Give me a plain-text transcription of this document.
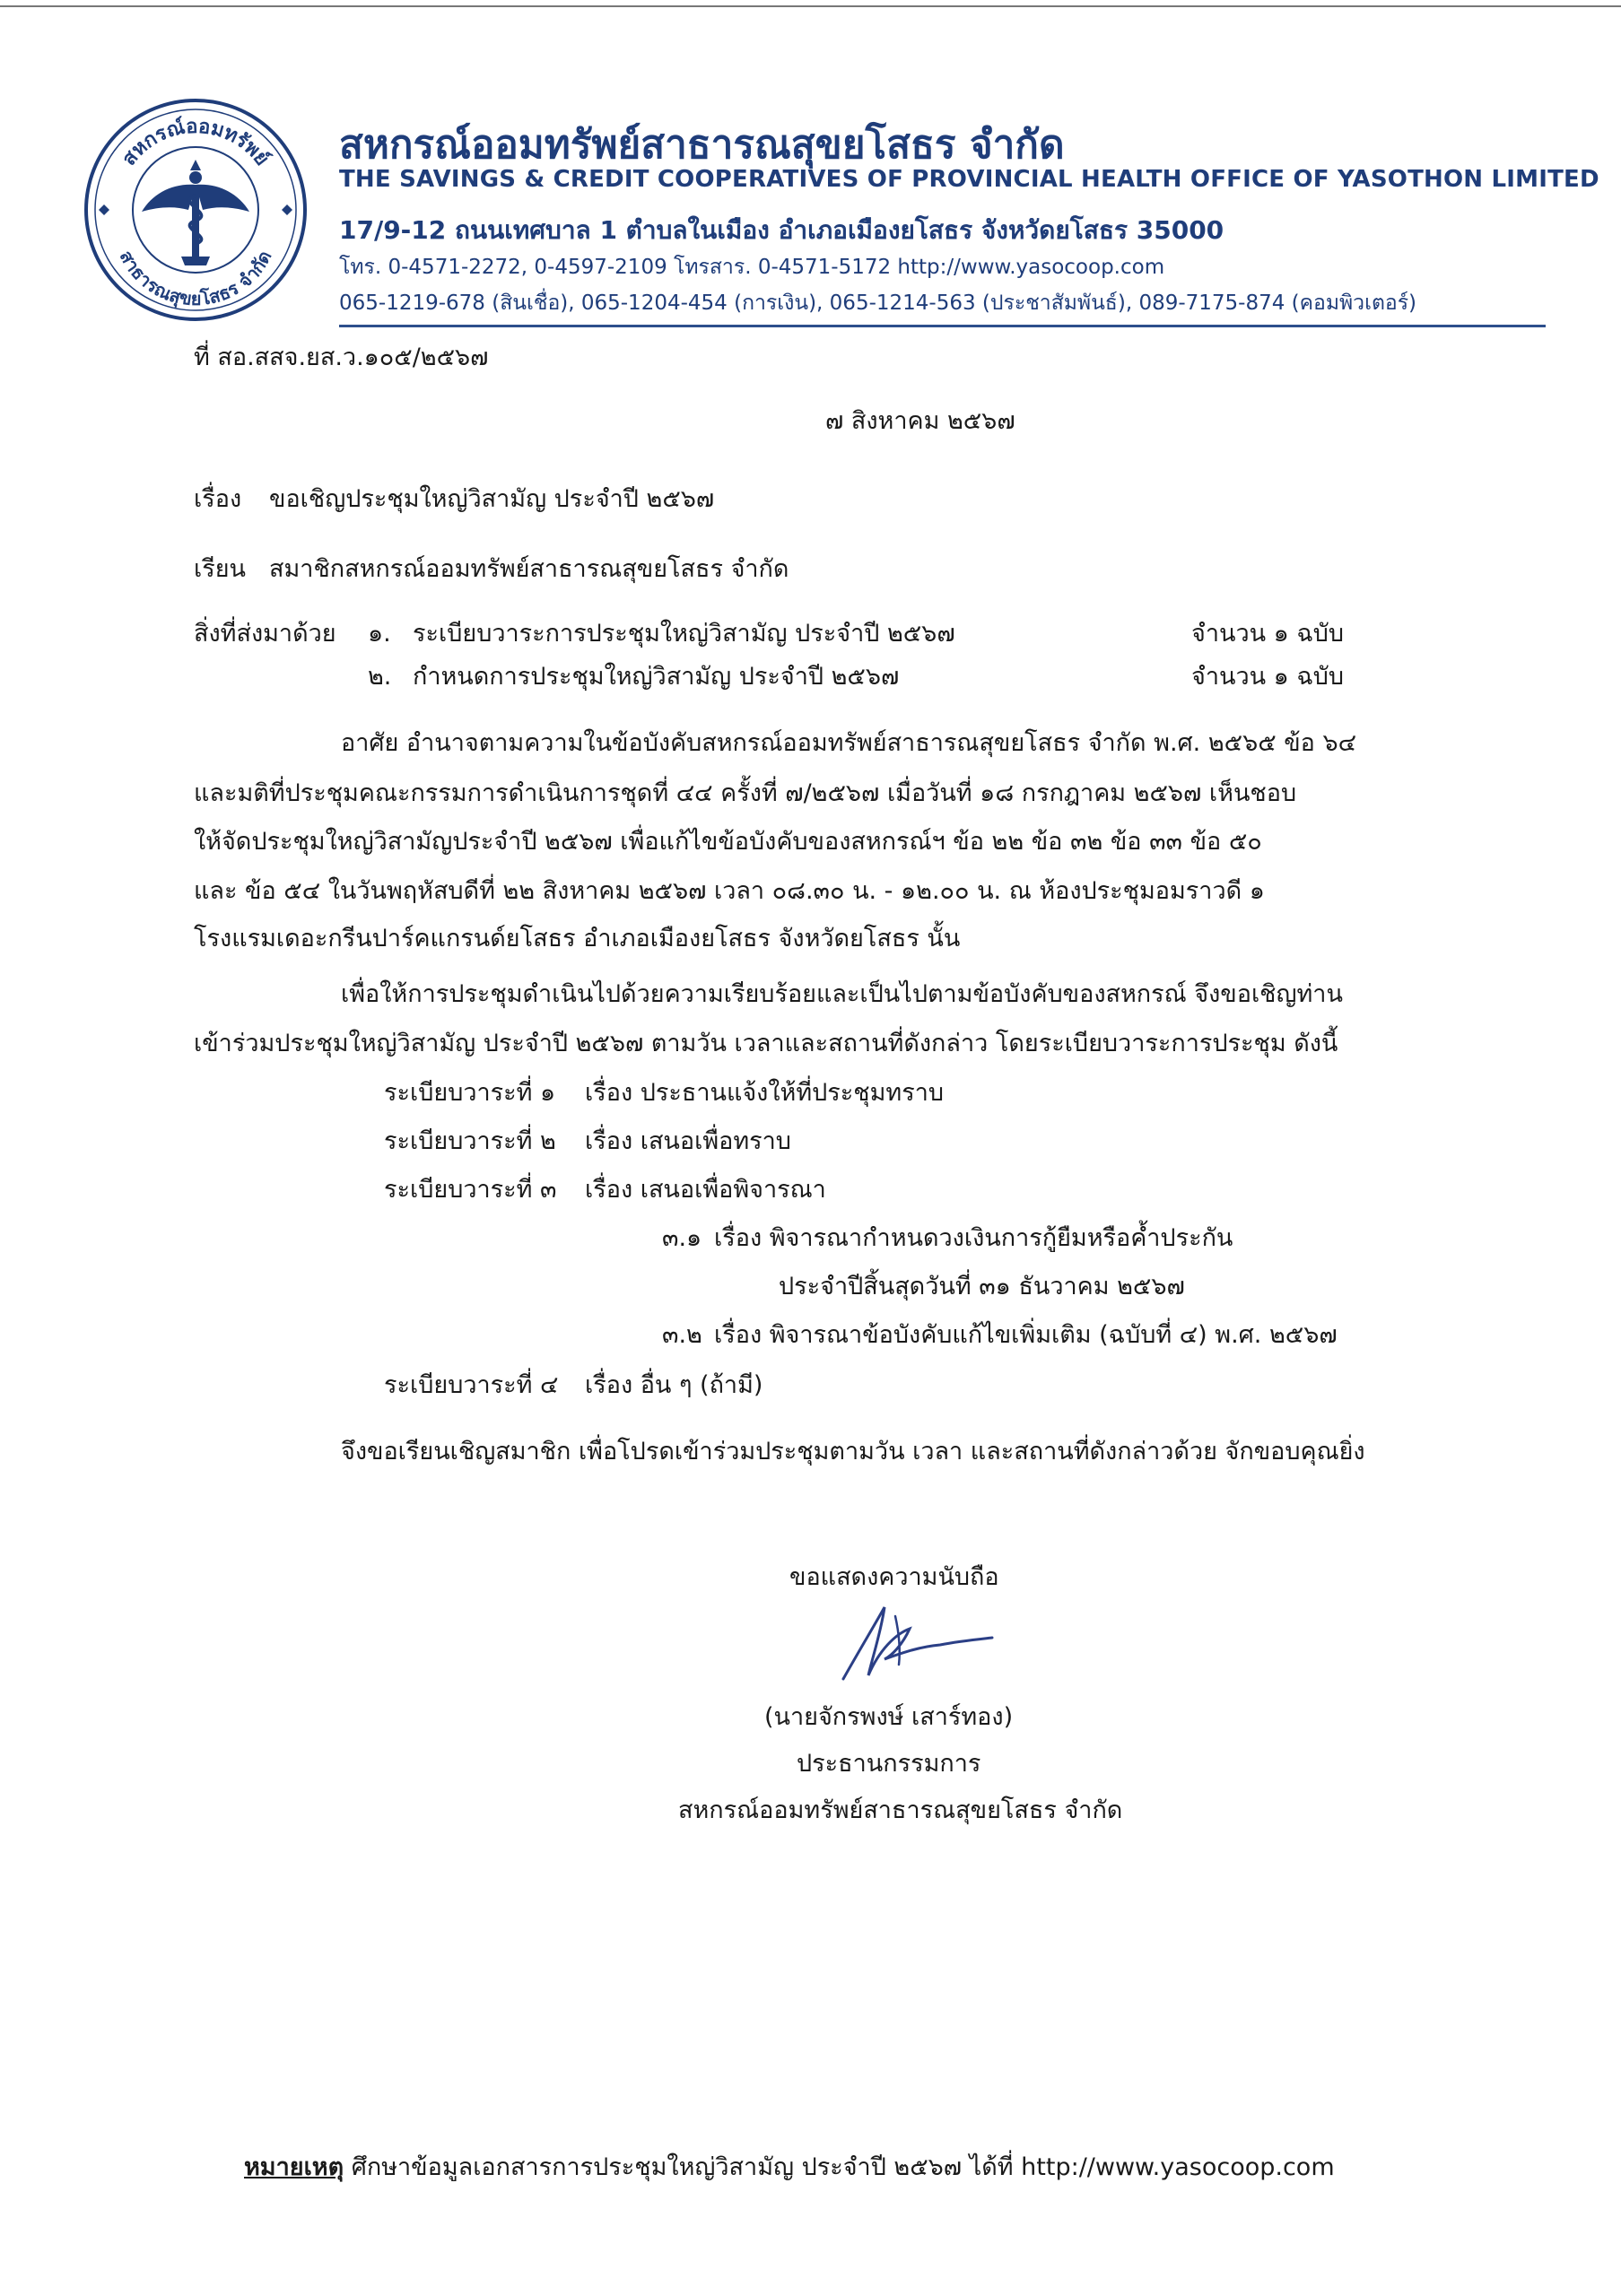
สหกรณ์ออมทรัพย์
สาธารณสุขยโสธร จำกัด
สหกรณ์ออมทรัพย์สาธารณสุขยโสธร จำกัด
THE SAVINGS & CREDIT COOPERATIVES OF PROVINCIAL HEALTH OFFICE OF YASOTHON LIMITED
17/9-12 ถนนเทศบาล 1 ตำบลในเมือง อำเภอเมืองยโสธร จังหวัดยโสธร 35000
โทร. 0-4571-2272, 0-4597-2109 โทรสาร. 0-4571-5172 http://www.yasocoop.com
065-1219-678 (สินเชื่อ), 065-1204-454 (การเงิน), 065-1214-563 (ประชาสัมพันธ์), 089-7175-874 (คอมพิวเตอร์)
ที่ สอ.สสจ.ยส.ว.๑๐๕/๒๕๖๗
๗ สิงหาคม ๒๕๖๗
เรื่อง ขอเชิญประชุมใหญ่วิสามัญ ประจำปี ๒๕๖๗
เรียน สมาชิกสหกรณ์ออมทรัพย์สาธารณสุขยโสธร จำกัด
สิ่งที่ส่งมาด้วย ๑. ระเบียบวาระการประชุมใหญ่วิสามัญ ประจำปี ๒๕๖๗	จำนวน ๑ ฉบับ
๒. กำหนดการประชุมใหญ่วิสามัญ ประจำปี ๒๕๖๗	จำนวน ๑ ฉบับ
อาศัย อำนาจตามความในข้อบังคับสหกรณ์ออมทรัพย์สาธารณสุขยโสธร จำกัด พ.ศ. ๒๕๖๕ ข้อ ๖๔
และมติที่ประชุมคณะกรรมการดำเนินการชุดที่ ๔๔ ครั้งที่ ๗/๒๕๖๗ เมื่อวันที่ ๑๘ กรกฎาคม ๒๕๖๗ เห็นชอบ
ให้จัดประชุมใหญ่วิสามัญประจำปี ๒๕๖๗ เพื่อแก้ไขข้อบังคับของสหกรณ์ฯ ข้อ ๒๒ ข้อ ๓๒ ข้อ ๓๓ ข้อ ๕๐
และ ข้อ ๕๔ ในวันพฤหัสบดีที่ ๒๒ สิงหาคม ๒๕๖๗ เวลา ๐๘.๓๐ น. - ๑๒.๐๐ น. ณ ห้องประชุมอมราวดี ๑
โรงแรมเดอะกรีนปาร์คแกรนด์ยโสธร อำเภอเมืองยโสธร จังหวัดยโสธร นั้น
เพื่อให้การประชุมดำเนินไปด้วยความเรียบร้อยและเป็นไปตามข้อบังคับของสหกรณ์ จึงขอเชิญท่าน
เข้าร่วมประชุมใหญ่วิสามัญ ประจำปี ๒๕๖๗ ตามวัน เวลาและสถานที่ดังกล่าว โดยระเบียบวาระการประชุม ดังนี้
ระเบียบวาระที่ ๑ เรื่อง ประธานแจ้งให้ที่ประชุมทราบ
ระเบียบวาระที่ ๒ เรื่อง เสนอเพื่อทราบ
ระเบียบวาระที่ ๓ เรื่อง เสนอเพื่อพิจารณา
๓.๑ เรื่อง พิจารณากำหนดวงเงินการกู้ยืมหรือค้ำประกัน
ประจำปีสิ้นสุดวันที่ ๓๑ ธันวาคม ๒๕๖๗
๓.๒ เรื่อง พิจารณาข้อบังคับแก้ไขเพิ่มเติม (ฉบับที่ ๔) พ.ศ. ๒๕๖๗
ระเบียบวาระที่ ๔ เรื่อง อื่น ๆ (ถ้ามี)
จึงขอเรียนเชิญสมาชิก เพื่อโปรดเข้าร่วมประชุมตามวัน เวลา และสถานที่ดังกล่าวด้วย จักขอบคุณยิ่ง
ขอแสดงความนับถือ
(นายจักรพงษ์ เสาร์ทอง)
ประธานกรรมการ
สหกรณ์ออมทรัพย์สาธารณสุขยโสธร จำกัด
หมายเหตุ ศึกษาข้อมูลเอกสารการประชุมใหญ่วิสามัญ ประจำปี ๒๕๖๗ ได้ที่ http://www.yasocoop.com
